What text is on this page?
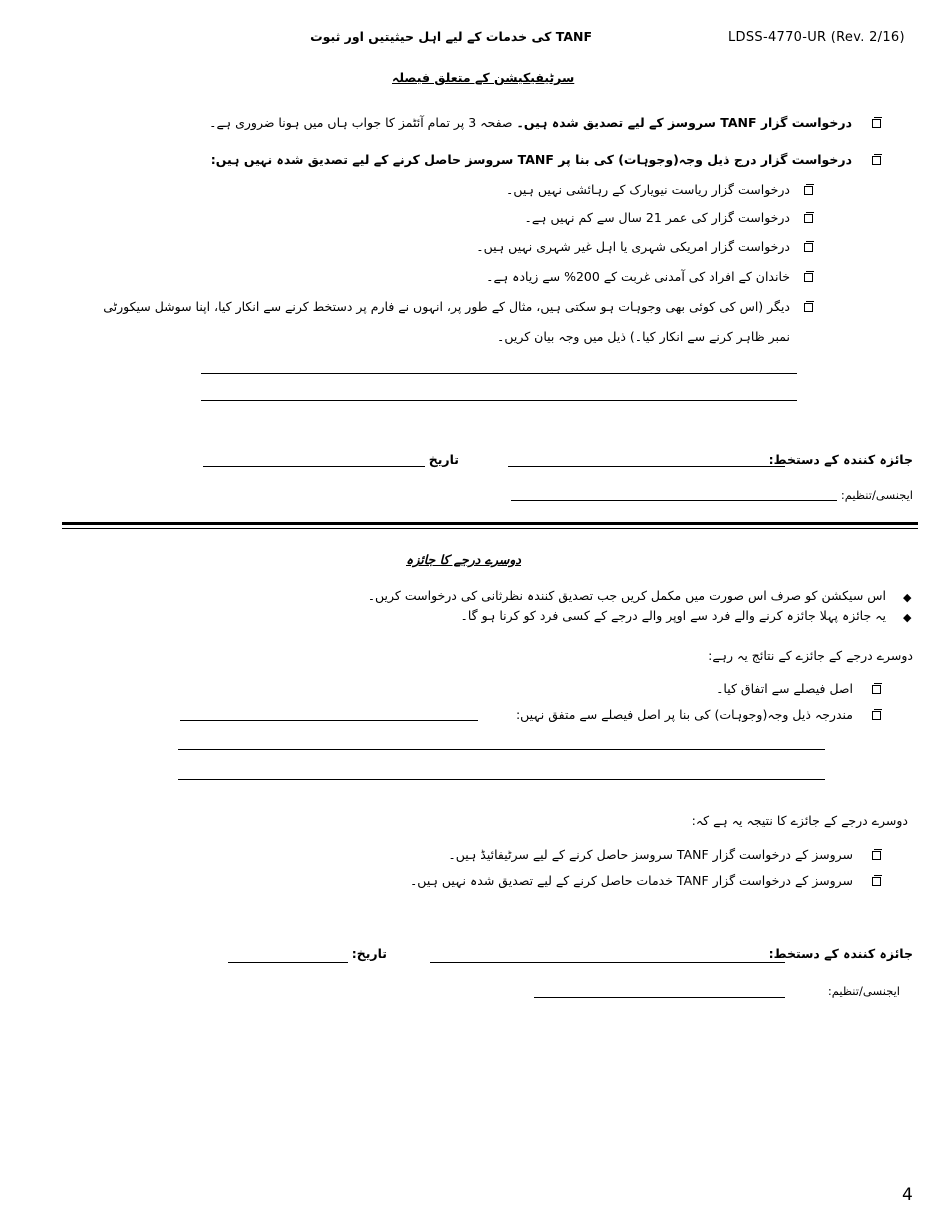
LDSS-4770-UR (Rev. 2/16)
TANF کی خدمات کے لیے اہل حیثیتیں اور ثبوت
سرٹیفیکیشن کے متعلق فیصلہ
درخواست گزار TANF سروسز کے لیے تصدیق شدہ ہیں۔ صفحہ 3 پر تمام آئٹمز کا جواب ہاں میں ہونا ضروری ہے۔
درخواست گزار درج ذیل وجہ(وجوہات) کی بنا پر TANF سروسز حاصل کرنے کے لیے تصدیق شدہ نہیں ہیں:
درخواست گزار ریاست نیویارک کے رہائشی نہیں ہیں۔
درخواست گزار کی عمر 21 سال سے کم نہیں ہے۔
درخواست گزار امریکی شہری یا اہل غیر شہری نہیں ہیں۔
خاندان کے افراد کی آمدنی غربت کے 200% سے زیادہ ہے۔
دیگر (اس کی کوئی بھی وجوہات ہو سکتی ہیں، مثال کے طور پر، انہوں نے فارم پر دستخط کرنے سے انکار کیا، اپنا سوشل سیکورٹی
نمبر ظاہر کرنے سے انکار کیا۔) ذیل میں وجہ بیان کریں۔
جائزہ کنندہ کے دستخط:
تاریخ
ایجنسی/تنظیم:
دوسرے درجے کا جائزہ
◆
اس سیکشن کو صرف اس صورت میں مکمل کریں جب تصدیق کنندہ نظرثانی کی درخواست کریں۔
◆
یہ جائزہ پہلا جائزہ کرنے والے فرد سے اوپر والے درجے کے کسی فرد کو کرنا ہو گا۔
دوسرے درجے کے جائزے کے نتائج یہ رہے:
اصل فیصلے سے اتفاق کیا۔
مندرجہ ذیل وجہ(وجوہات) کی بنا پر اصل فیصلے سے متفق نہیں:
دوسرے درجے کے جائزے کا نتیجہ یہ ہے کہ:
سروسز کے درخواست گزار TANF سروسز حاصل کرنے کے لیے سرٹیفائیڈ ہیں۔
سروسز کے درخواست گزار TANF خدمات حاصل کرنے کے لیے تصدیق شدہ نہیں ہیں۔
جائزہ کنندہ کے دستخط:
تاریخ:
ایجنسی/تنظیم:
4
